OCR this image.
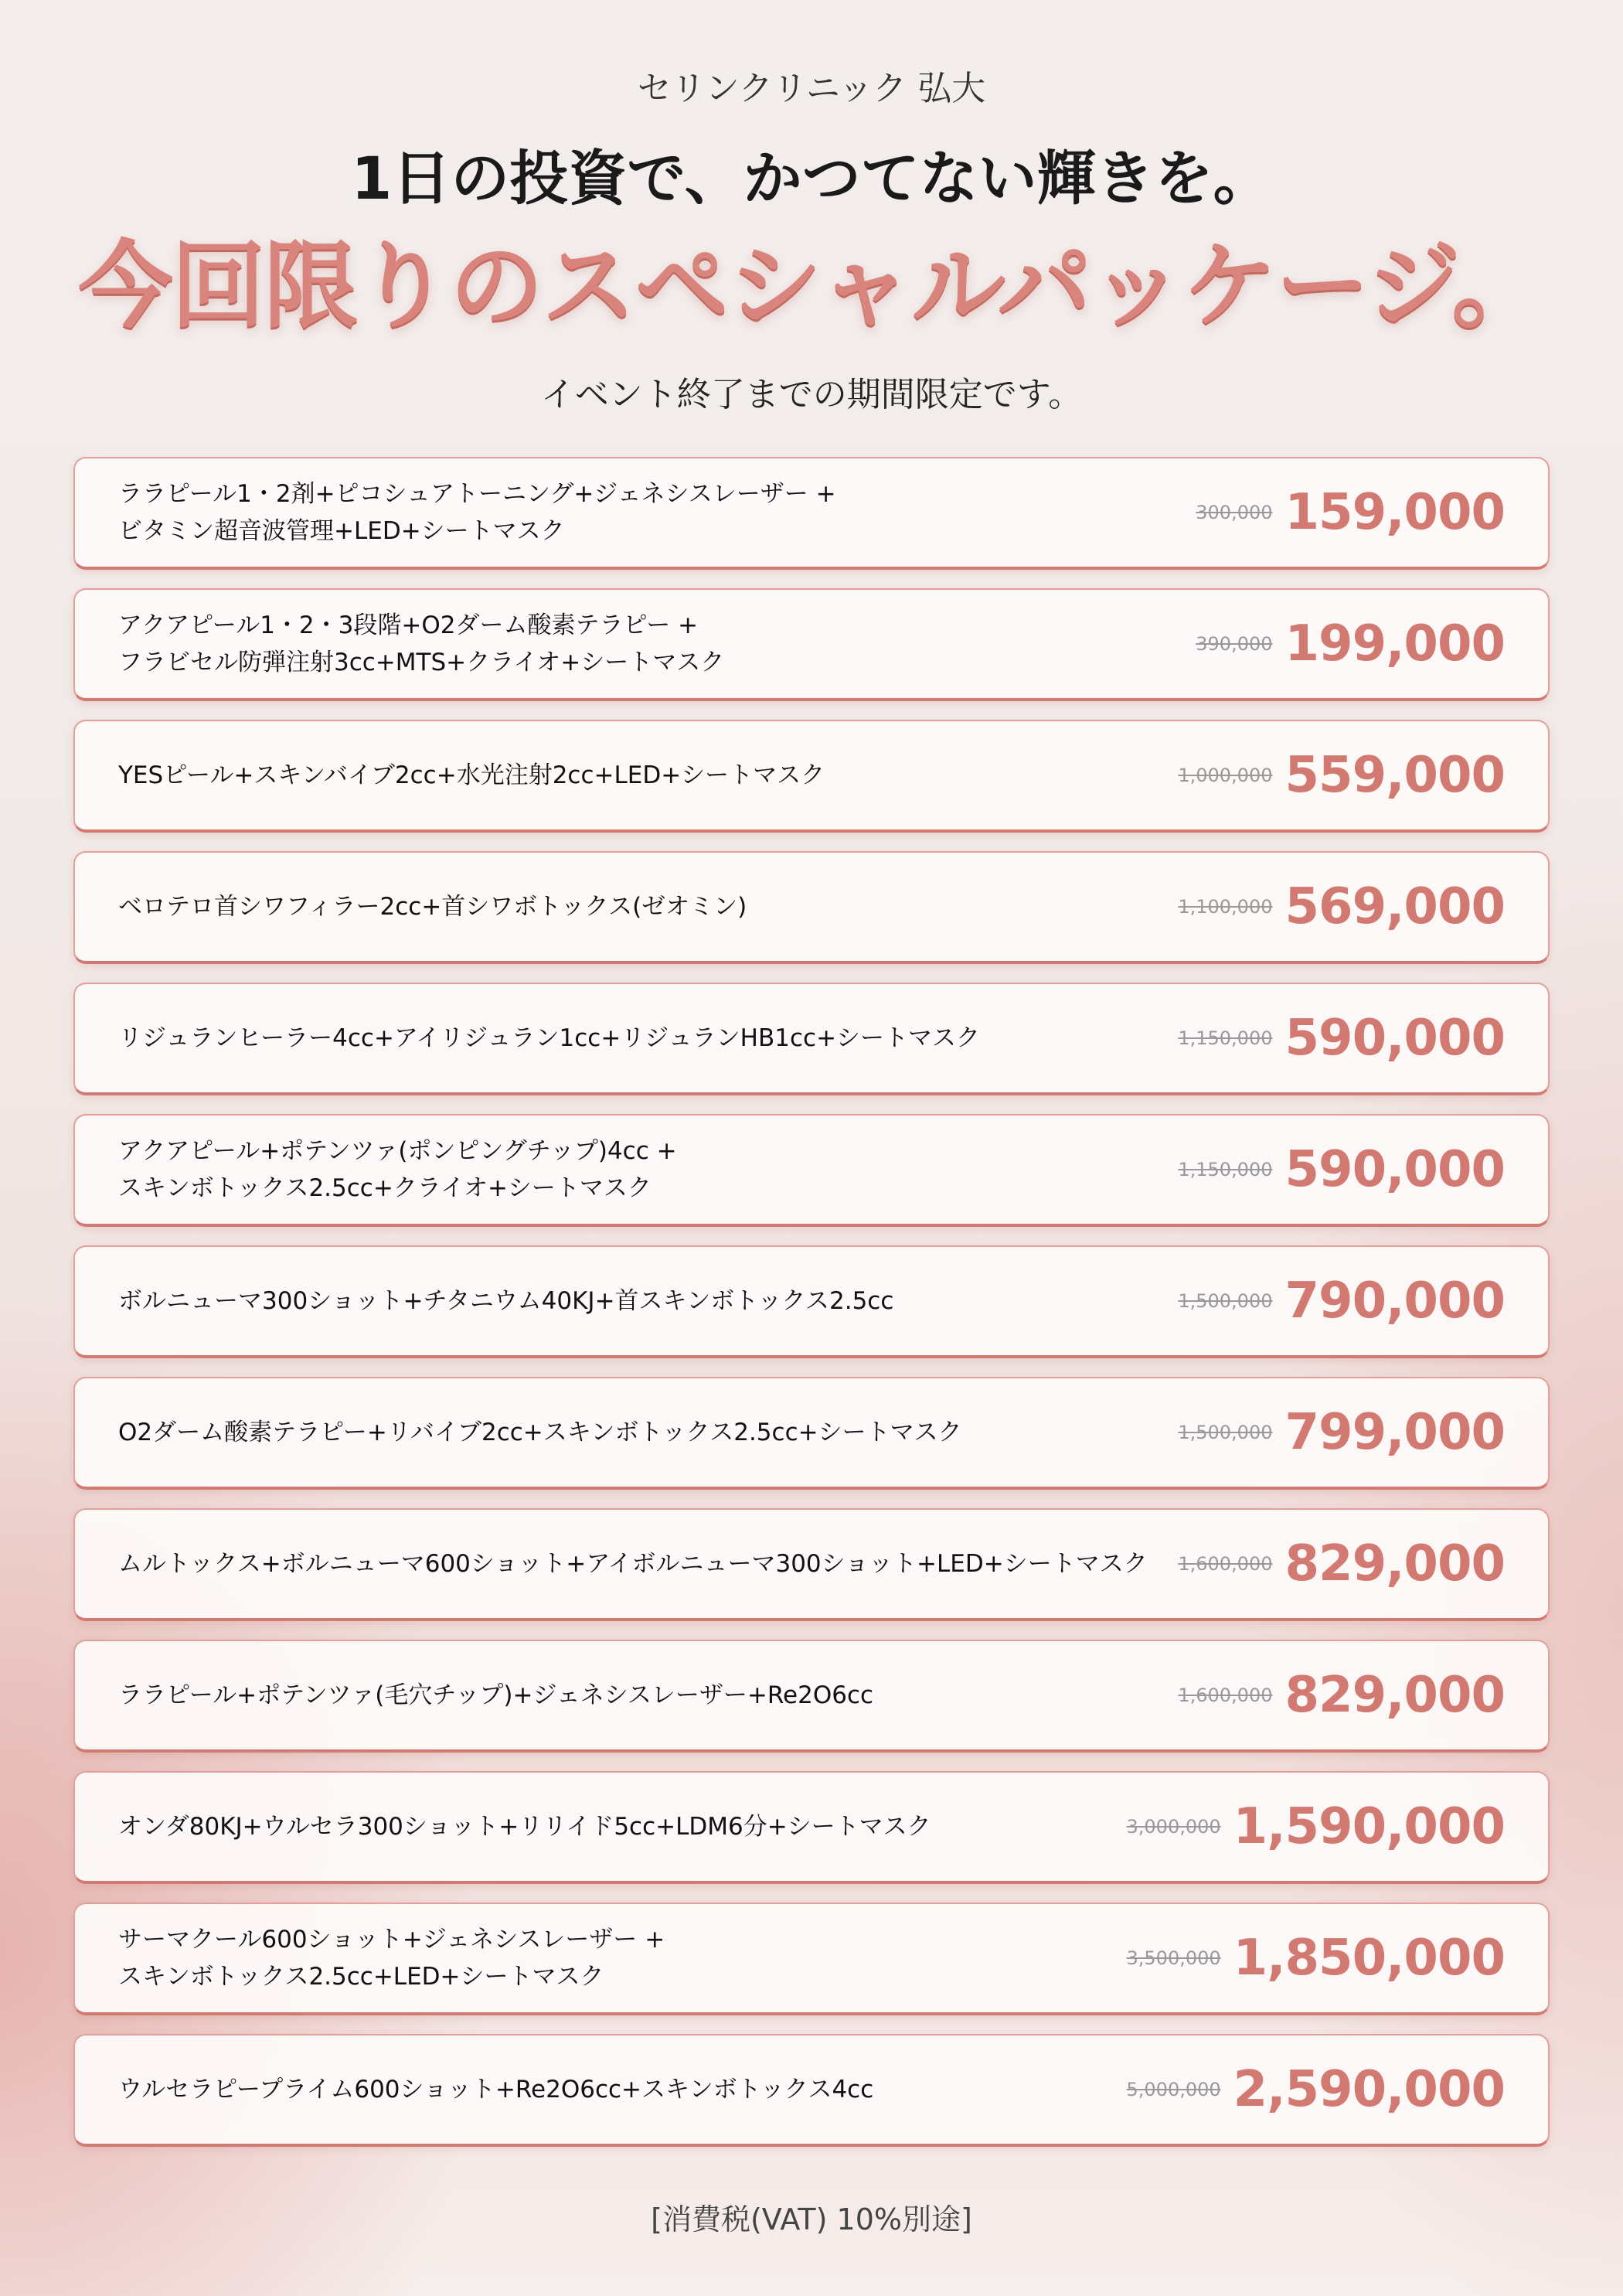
セリンクリニック 弘大
1日の投資で、かつてない輝きを。
今回限りのスペシャルパッケージ。
イベント終了までの期間限定です。
ララピール1・2剤+ピコシュアトーニング+ジェネシスレーザー +
ビタミン超音波管理+LED+シートマスク
300,000 159,000
アクアピール1・2・3段階+O2ダーム酸素テラピー +
フラビセル防弾注射3cc+MTS+クライオ+シートマスク
390,000 199,000
YESピール+スキンバイブ2cc+水光注射2cc+LED+シートマスク	1,000,000 559,000
ベロテロ首シワフィラー2cc+首シワボトックス(ゼオミン)	1,100,000 569,000
リジュランヒーラー4cc+アイリジュラン1cc+リジュランHB1cc+シートマスク	1,150,000 590,000
アクアピール+ポテンツァ(ポンピングチップ)4cc +
スキンボトックス2.5cc+クライオ+シートマスク
1,150,000 590,000
ボルニューマ300ショット+チタニウム40KJ+首スキンボトックス2.5cc	1,500,000 790,000
O2ダーム酸素テラピー+リバイブ2cc+スキンボトックス2.5cc+シートマスク	1,500,000 799,000
ムルトックス+ボルニューマ600ショット+アイボルニューマ300ショット+LED+シートマスク	1,600,000 829,000
ララピール+ポテンツァ(毛穴チップ)+ジェネシスレーザー+Re2O6cc	1,600,000 829,000
オンダ80KJ+ウルセラ300ショット+リリイド5cc+LDM6分+シートマスク	3,000,000 1,590,000
サーマクール600ショット+ジェネシスレーザー +
スキンボトックス2.5cc+LED+シートマスク
3,500,000 1,850,000
ウルセラピープライム600ショット+Re2O6cc+スキンボトックス4cc	5,000,000 2,590,000
[消費税(VAT) 10%別途]
